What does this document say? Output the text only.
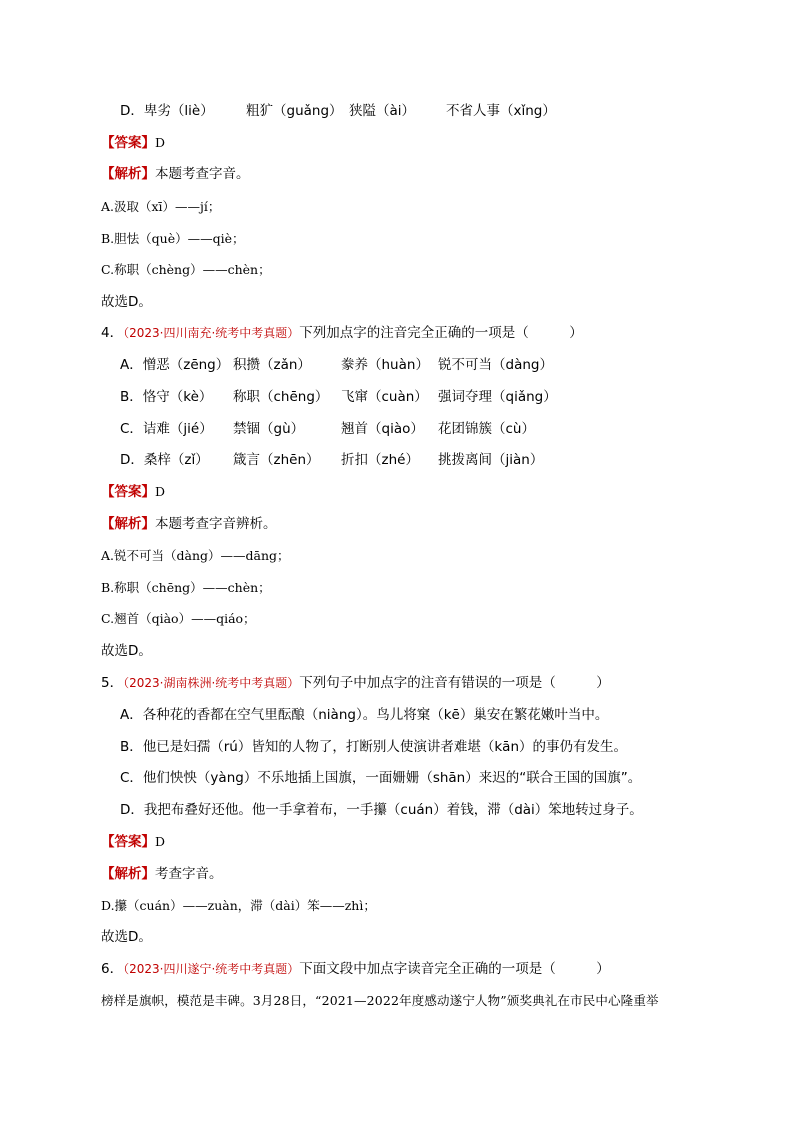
D．卑劣（liè） 粗犷（guǎng） 狭隘（ài） 不省人事（xǐng）
【答案】D
【解析】本题考查字音。
A.汲取（xī）——jí；
B.胆怯（què）——qiè；
C.称职（chèng）——chèn；
故选D。
4．（2023·四川南充·统考中考真题）下列加点字的注音完全正确的一项是（　　　）
A．憎恶（zēng） 积攒（zǎn） 豢养（huàn） 锐不可当（dàng）
B．恪守（kè） 称职（chēng） 飞窜（cuàn） 强词夺理（qiǎng）
C．诘难（jié） 禁锢（gù）	翘首（qiào） 花团锦簇（cù）
D．桑梓（zǐ） 箴言（zhēn） 折扣（zhé） 挑拨离间（jiàn）
【答案】D
【解析】本题考查字音辨析。
A.锐不可当（dàng）——dāng；
B.称职（chēng）——chèn；
C.翘首（qiào）——qiáo；
故选D。
5．（2023·湖南株洲·统考中考真题）下列句子中加点字的注音有错误的一项是（　　　）
A．各种花的香都在空气里酝酿（niàng）。鸟儿将窠（kē）巢安在繁花嫩叶当中。
B．他已是妇孺（rú）皆知的人物了，打断别人使演讲者难堪（kān）的事仍有发生。
C．他们怏怏（yàng）不乐地插上国旗，一面姗姗（shān）来迟的“联合王国的国旗”。
D．我把布叠好还他。他一手拿着布，一手攥（cuán）着钱，滞（dài）笨地转过身子。
【答案】D
【解析】考查字音。
D.攥（cuán）——zuàn，滞（dài）笨——zhì；
故选D。
6．（2023·四川遂宁·统考中考真题）下面文段中加点字读音完全正确的一项是（　　　）
榜样是旗帜，模范是丰碑。3月28日，“2021—2022年度感动遂宁人物”颁奖典礼在市民中心隆重举
